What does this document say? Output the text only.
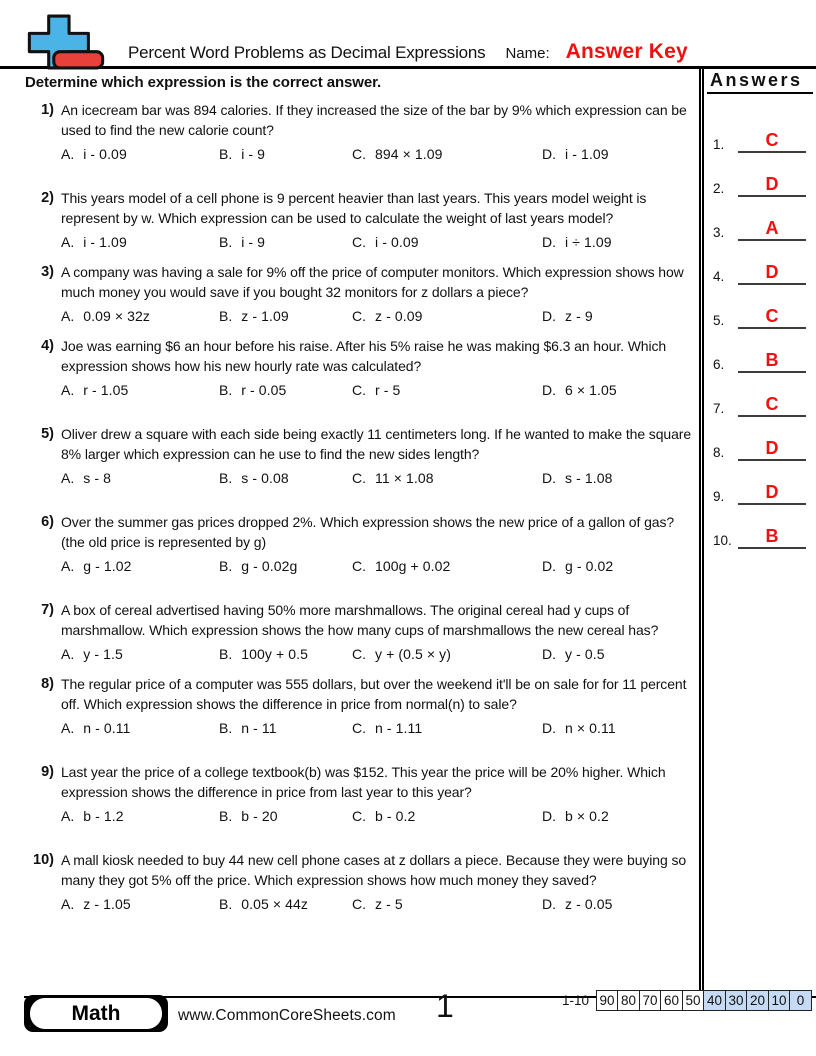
Percent Word Problems as Decimal Expressions Name: Answer Key
Determine which expression is the correct answer.
1) An icecream bar was 894 calories. If they increased the size of the bar by 9% which expression can be used to find the new calorie count?
A. i - 0.09	B. i - 9	C. 894 × 1.09	D. i - 1.09
2) This years model of a cell phone is 9 percent heavier than last years. This years model weight is represent by w. Which expression can be used to calculate the weight of last years model?
A. i - 1.09	B. i - 9	C. i - 0.09	D. i ÷ 1.09
3) A company was having a sale for 9% off the price of computer monitors. Which expression shows how much money you would save if you bought 32 monitors for z dollars a piece?
A. 0.09 × 32z	B. z - 1.09	C. z - 0.09	D. z - 9
4) Joe was earning $6 an hour before his raise. After his 5% raise he was making $6.3 an hour. Which expression shows how his new hourly rate was calculated?
A. r - 1.05	B. r - 0.05	C. r - 5	D. 6 × 1.05
5) Oliver drew a square with each side being exactly 11 centimeters long. If he wanted to make the square 8% larger which expression can he use to find the new sides length?
A. s - 8	B. s - 0.08	C. 11 × 1.08	D. s - 1.08
6) Over the summer gas prices dropped 2%. Which expression shows the new price of a gallon of gas? (the old price is represented by g)
A. g - 1.02	B. g - 0.02g	C. 100g + 0.02	D. g - 0.02
7) A box of cereal advertised having 50% more marshmallows. The original cereal had y cups of marshmallow. Which expression shows the how many cups of marshmallows the new cereal has?
A. y - 1.5	B. 100y + 0.5	C. y + (0.5 × y)	D. y - 0.5
8) The regular price of a computer was 555 dollars, but over the weekend it'll be on sale for for 11 percent off. Which expression shows the difference in price from normal(n) to sale?
A. n - 0.11	B. n - 11	C. n - 1.11	D. n × 0.11
9) Last year the price of a college textbook(b) was $152. This year the price will be 20% higher. Which expression shows the difference in price from last year to this year?
A. b - 1.2	B. b - 20	C. b - 0.2	D. b × 0.2
10) A mall kiosk needed to buy 44 new cell phone cases at z dollars a piece. Because they were buying so many they got 5% off the price. Which expression shows how much money they saved?
A. z - 1.05	B. 0.05 × 44z	C. z - 5	D. z - 0.05
Answers
1.	C
2.	D
3.	A
4.	D
5.	C
6.	B
7.	C
8.	D
9.	D
10.	B
Math	www.CommonCoreSheets.com 1	1-10 90 80 70 60 50 40 30 20 10 0
